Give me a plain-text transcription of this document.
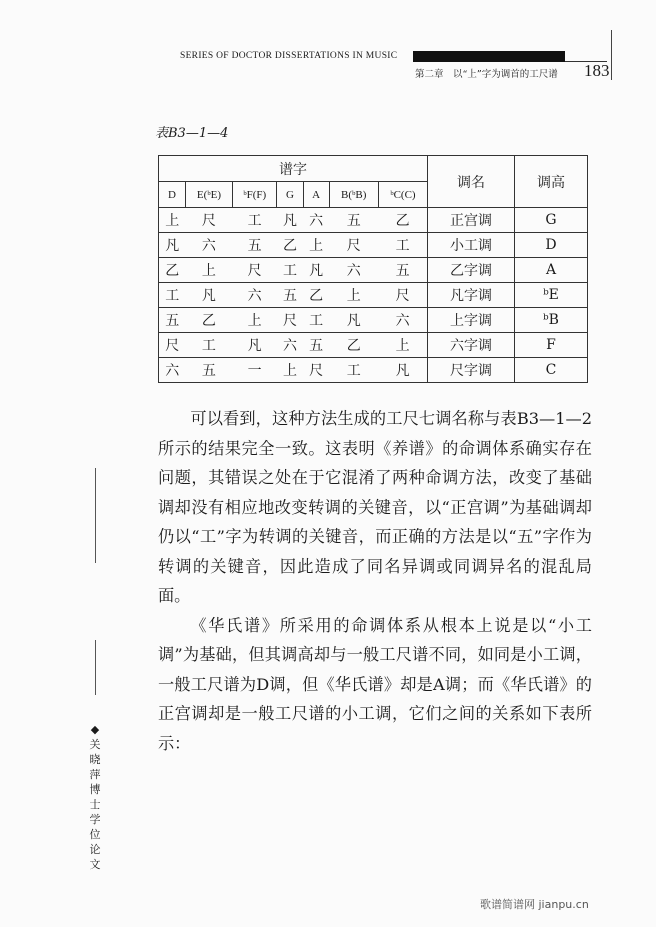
SERIES OF DOCTOR DISSERTATIONS IN MUSIC
第二章　以“上”字为调首的工尺谱 183
表B3—1—4
谱字							调名	调高
D	E(ᵇE)	ᵇF(F)	G	A	B(ᵇB)	ᵇC(C)		
上	尺	工	凡	六	五	乙	正宫调	G
凡	六	五	乙	上	尺	工	小工调	D
乙	上	尺	工	凡	六	五	乙字调	A
工	凡	六	五	乙	上	尺	凡字调	ᵇE
五	乙	上	尺	工	凡	六	上字调	ᵇB
尺	工	凡	六	五	乙	上	六字调	F
六	五	一	上	尺	工	凡	尺字调	C

可以看到，这种方法生成的工尺七调名称与表B3—1—2所示的结果完全一致。这表明《养谱》的命调体系确实存在问题，其错误之处在于它混淆了两种命调方法，改变了基础调却没有相应地改变转调的关键音，以“正宫调”为基础调却仍以“工”字为转调的关键音，而正确的方法是以“五”字作为转调的关键音，因此造成了同名异调或同调异名的混乱局面。

《华氏谱》所采用的命调体系从根本上说是以“小工调”为基础，但其调高却与一般工尺谱不同，如同是小工调，一般工尺谱为D调，但《华氏谱》却是A调；而《华氏谱》的正宫调却是一般工尺谱的小工调，它们之间的关系如下表所示：

◆
关晓萍博士学位论文
歌谱简谱网 jianpu.cn
